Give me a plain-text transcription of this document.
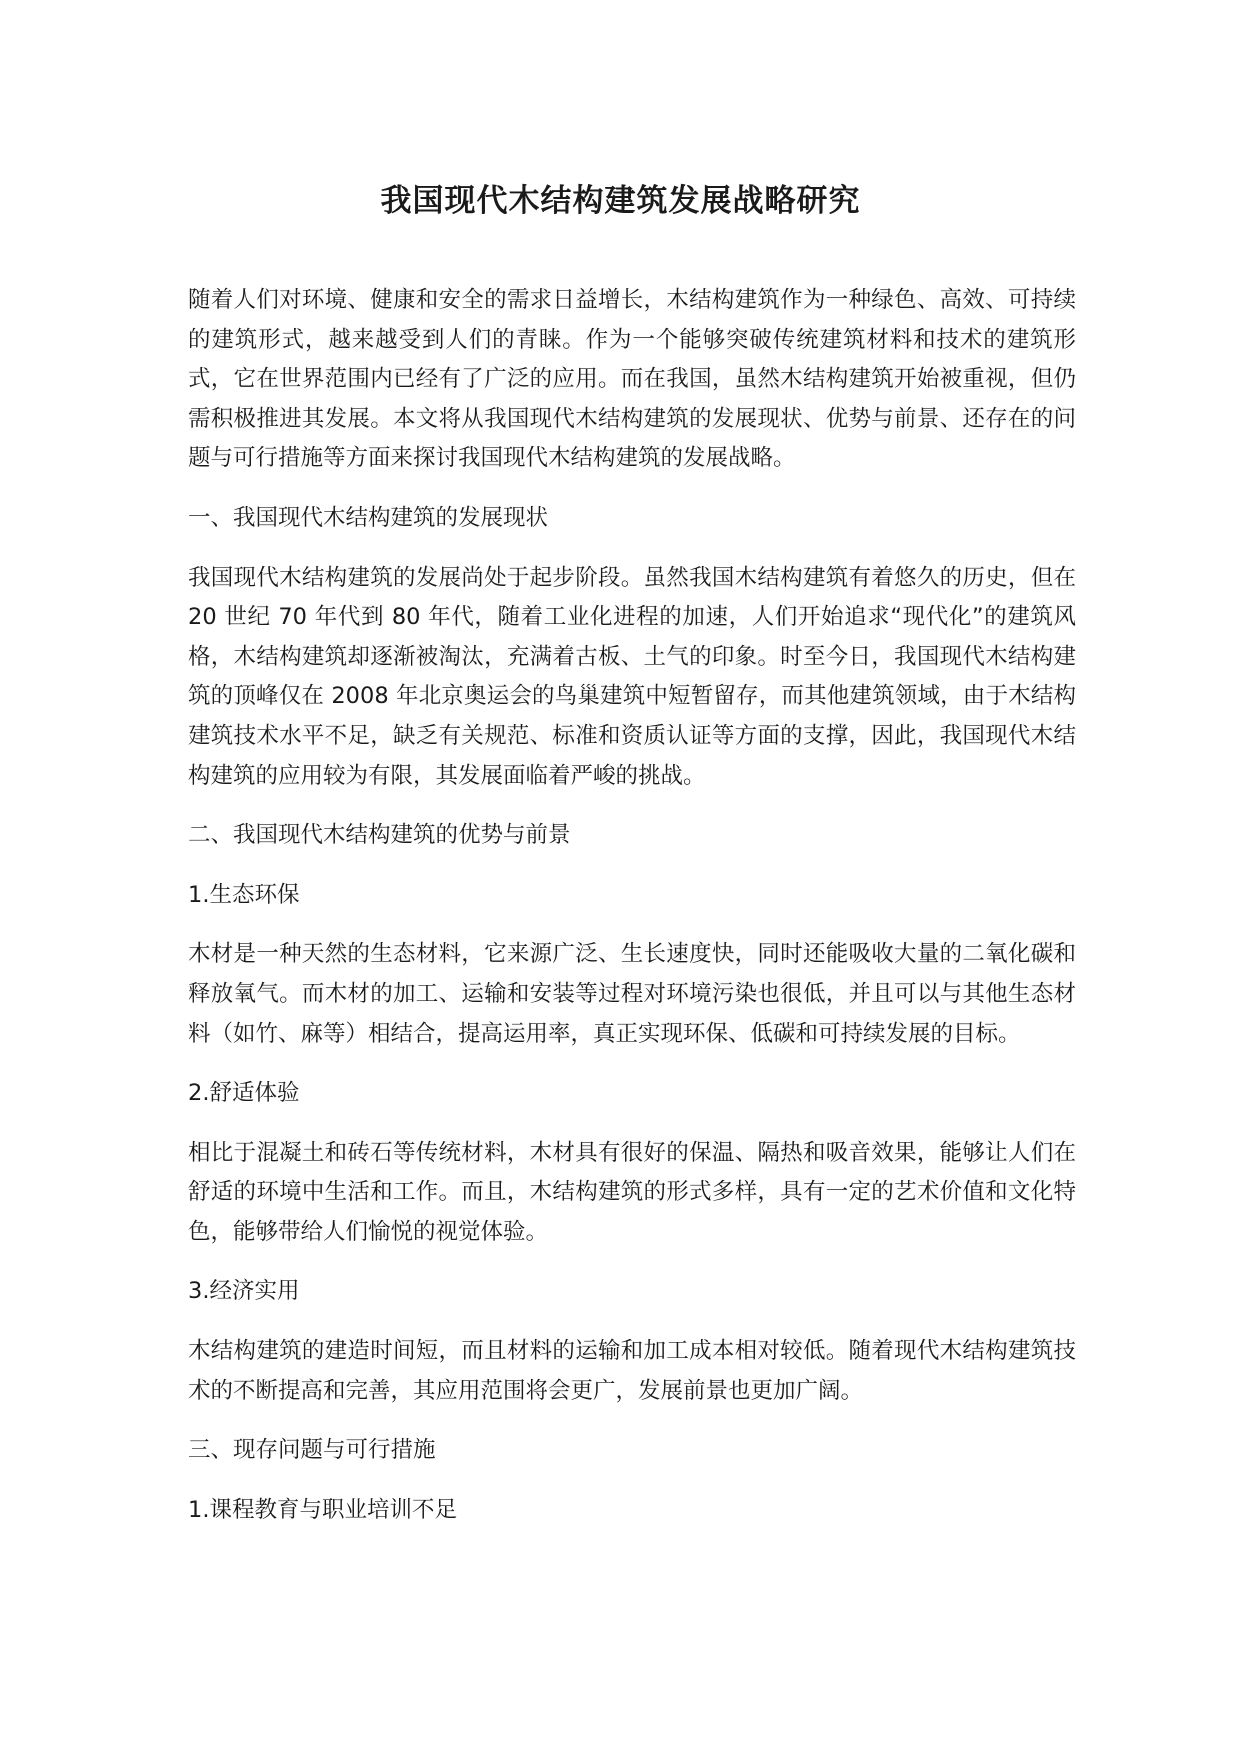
我国现代木结构建筑发展战略研究

随着人们对环境、健康和安全的需求日益增长，木结构建筑作为一种绿色、高效、可持续的建筑形式，越来越受到人们的青睐。作为一个能够突破传统建筑材料和技术的建筑形式，它在世界范围内已经有了广泛的应用。而在我国，虽然木结构建筑开始被重视，但仍需积极推进其发展。本文将从我国现代木结构建筑的发展现状、优势与前景、还存在的问题与可行措施等方面来探讨我国现代木结构建筑的发展战略。

一、我国现代木结构建筑的发展现状

我国现代木结构建筑的发展尚处于起步阶段。虽然我国木结构建筑有着悠久的历史，但在 20 世纪 70 年代到 80 年代，随着工业化进程的加速，人们开始追求“现代化”的建筑风格，木结构建筑却逐渐被淘汰，充满着古板、土气的印象。时至今日，我国现代木结构建筑的顶峰仅在 2008 年北京奥运会的鸟巢建筑中短暂留存，而其他建筑领域，由于木结构建筑技术水平不足，缺乏有关规范、标准和资质认证等方面的支撑，因此，我国现代木结构建筑的应用较为有限，其发展面临着严峻的挑战。

二、我国现代木结构建筑的优势与前景

1.生态环保

木材是一种天然的生态材料，它来源广泛、生长速度快，同时还能吸收大量的二氧化碳和释放氧气。而木材的加工、运输和安装等过程对环境污染也很低，并且可以与其他生态材料（如竹、麻等）相结合，提高运用率，真正实现环保、低碳和可持续发展的目标。

2.舒适体验

相比于混凝土和砖石等传统材料，木材具有很好的保温、隔热和吸音效果，能够让人们在舒适的环境中生活和工作。而且，木结构建筑的形式多样，具有一定的艺术价值和文化特色，能够带给人们愉悦的视觉体验。

3.经济实用

木结构建筑的建造时间短，而且材料的运输和加工成本相对较低。随着现代木结构建筑技术的不断提高和完善，其应用范围将会更广，发展前景也更加广阔。

三、现存问题与可行措施

1.课程教育与职业培训不足
